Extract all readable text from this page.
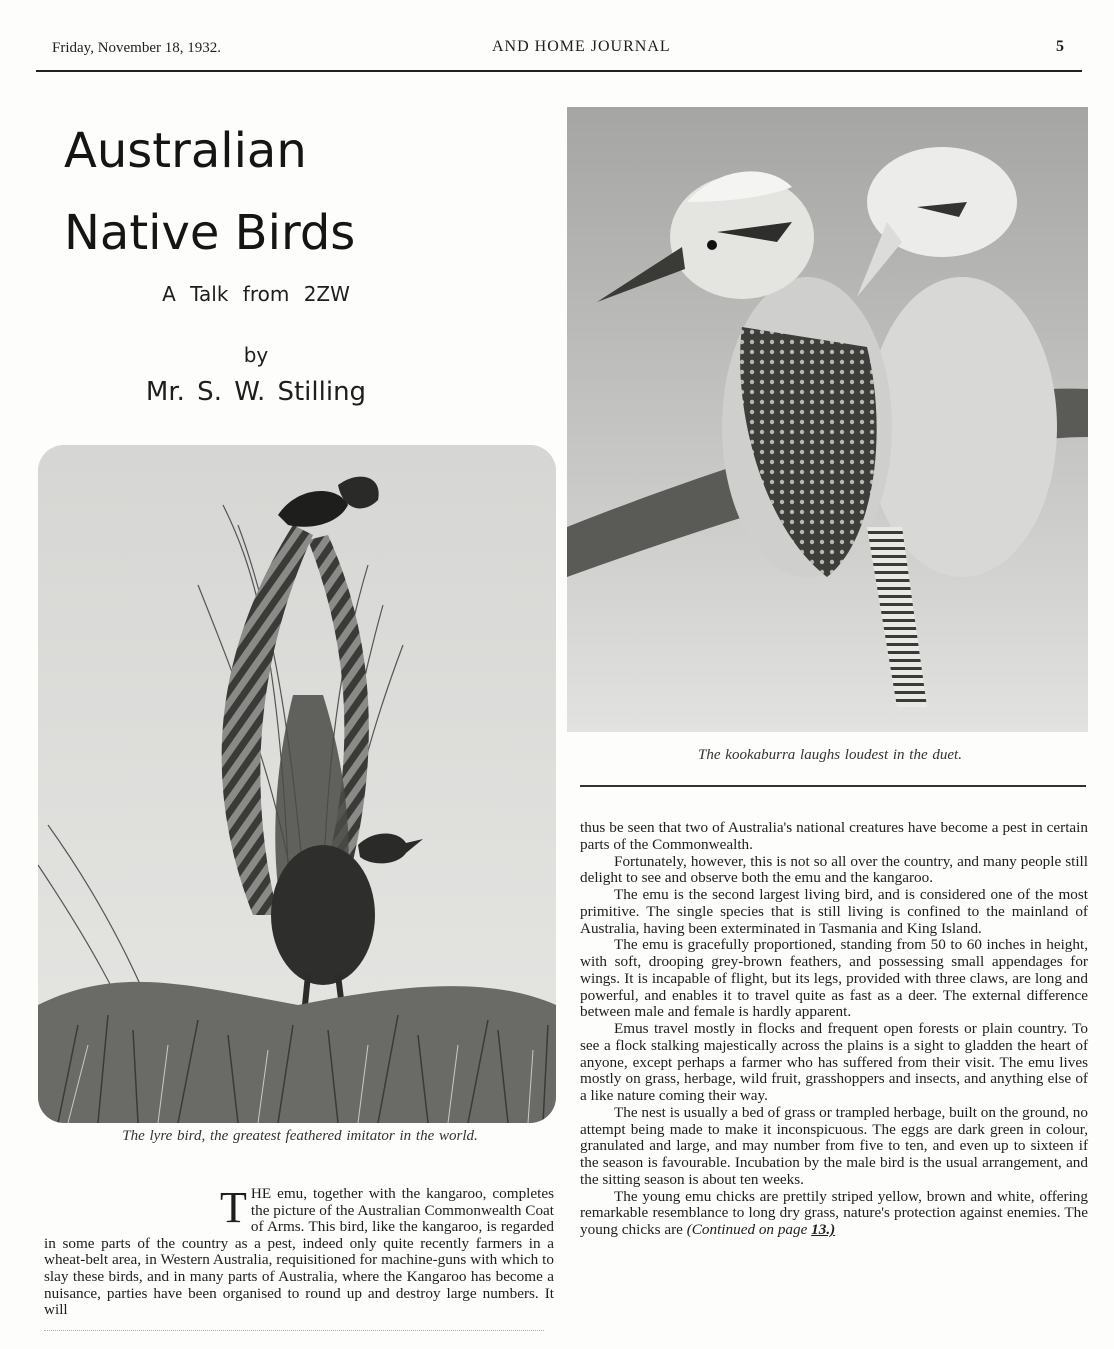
Friday, November 18, 1932.	AND HOME JOURNAL	5
Australian
Native Birds
A Talk from 2ZW
by
Mr. S. W. Stilling
The kookaburra laughs loudest in the duet.
The lyre bird, the greatest feathered imitator in the world.

THE emu, together with the kangaroo, completes the picture of the Australian Commonwealth Coat of Arms. This bird, like the kangaroo, is regarded in some parts of the country as a pest, indeed only quite recently farmers in a wheat-belt area, in Western Australia, requisitioned for machine-guns with which to slay these birds, and in many parts of Australia, where the Kangaroo has become a nuisance, parties have been organised to round up and destroy large numbers. It will

thus be seen that two of Australia's national creatures have become a pest in certain parts of the Commonwealth.

Fortunately, however, this is not so all over the country, and many people still delight to see and observe both the emu and the kangaroo.

The emu is the second largest living bird, and is considered one of the most primitive. The single species that is still living is confined to the mainland of Australia, having been exterminated in Tasmania and King Island.

The emu is gracefully proportioned, standing from 50 to 60 inches in height, with soft, drooping grey-brown feathers, and possessing small appendages for wings. It is incapable of flight, but its legs, provided with three claws, are long and powerful, and enables it to travel quite as fast as a deer. The external difference between male and female is hardly apparent.

Emus travel mostly in flocks and frequent open forests or plain country. To see a flock stalking majestically across the plains is a sight to gladden the heart of anyone, except perhaps a farmer who has suffered from their visit. The emu lives mostly on grass, herbage, wild fruit, grasshoppers and insects, and anything else of a like nature coming their way.

The nest is usually a bed of grass or trampled herbage, built on the ground, no attempt being made to make it inconspicuous. The eggs are dark green in colour, granulated and large, and may number from five to ten, and even up to sixteen if the season is favourable. Incubation by the male bird is the usual arrangement, and the sitting season is about ten weeks.

The young emu chicks are prettily striped yellow, brown and white, offering remarkable resemblance to long dry grass, nature's protection against enemies. The young chicks are (Continued on page 13.)
